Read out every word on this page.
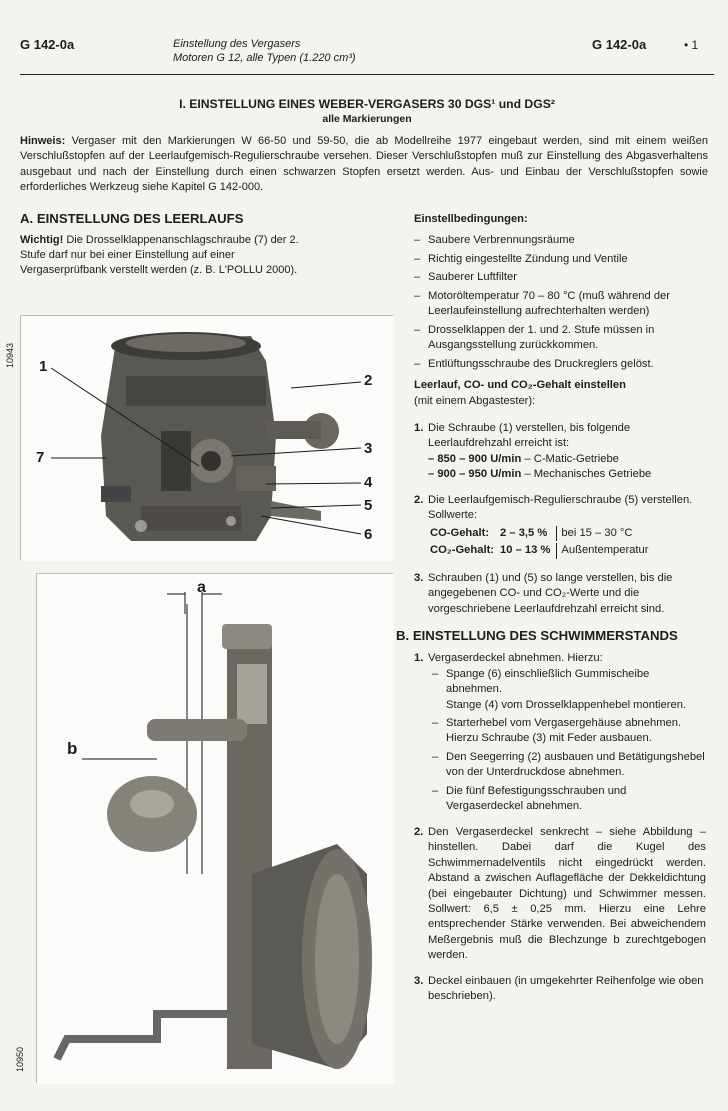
G 142-0a	Einstellung des Vergasers
Motoren G 12, alle Typen (1.220 cm³)
G 142-0a	• 1
I. EINSTELLUNG EINES WEBER-VERGASERS 30 DGS¹ und DGS²
alle Markierungen
Hinweis: Vergaser mit den Markierungen W 66-50 und 59-50, die ab Modellreihe 1977 eingebaut werden, sind mit einem weißen Verschlußstopfen auf der Leerlaufgemisch-Regulierschraube versehen. Dieser Verschlußstopfen muß zur Einstellung des Abgasverhaltens ausgebaut und nach der Einstellung durch einen schwarzen Stopfen ersetzt werden. Aus- und Einbau der Verschlußstopfen sowie erforderliches Werkzeug siehe Kapitel G 142-000.
A. EINSTELLUNG DES LEERLAUFS
Wichtig! Die Drosselklappenanschlagschraube (7) der 2. Stufe darf nur bei einer Einstellung auf einer Vergaserprüfbank verstellt werden (z. B. L'POLLU 2000).
10943 1
2
3
4
5
6
7
10950
a
b
Einstellbedingungen:
– Saubere Verbrennungsräume
– Richtig eingestellte Zündung und Ventile
– Sauberer Luftfilter
– Motoröltemperatur 70 – 80 °C (muß während der Leerlaufeinstellung aufrechterhalten werden)
– Drosselklappen der 1. und 2. Stufe müssen in Ausgangsstellung zurückkommen.
– Entlüftungsschraube des Druckreglers gelöst.
Leerlauf, CO- und CO₂-Gehalt einstellen
(mit einem Abgastester):
1. Die Schraube (1) verstellen, bis folgende Leerlaufdrehzahl erreicht ist:
– 850 – 900 U/min – C-Matic-Getriebe
– 900 – 950 U/min – Mechanisches Getriebe
2. Die Leerlaufgemisch-Regulierschraube (5) verstellen. Sollwerte:
CO-Gehalt:	2 – 3,5 %	bei 15 – 30 °C
CO₂-Gehalt:	10 – 13 %	Außentemperatur
3. Schrauben (1) und (5) so lange verstellen, bis die angegebenen CO- und CO₂-Werte und die vorgeschriebene Leerlaufdrehzahl erreicht sind.
B. EINSTELLUNG DES SCHWIMMERSTANDS
1. Vergaserdeckel abnehmen. Hierzu:
– Spange (6) einschließlich Gummischeibe abnehmen.
Stange (4) vom Drosselklappenhebel montieren.
– Starterhebel vom Vergasergehäuse abnehmen. Hierzu Schraube (3) mit Feder ausbauen.
– Den Seegerring (2) ausbauen und Betätigungshebel von der Unterdruckdose abnehmen.
– Die fünf Befestigungsschrauben und Vergaserdeckel abnehmen.
2. Den Vergaserdeckel senkrecht – siehe Abbildung – hinstellen. Dabei darf die Kugel des Schwimmernadelventils nicht eingedrückt werden. Abstand a zwischen Auflagefläche der Dekkeldichtung (bei eingebauter Dichtung) und Schwimmer messen. Sollwert: 6,5 ± 0,25 mm. Hierzu eine Lehre entsprechender Stärke verwenden. Bei abweichendem Meßergebnis muß die Blechzunge b zurechtgebogen werden.
3. Deckel einbauen (in umgekehrter Reihenfolge wie oben beschrieben).
